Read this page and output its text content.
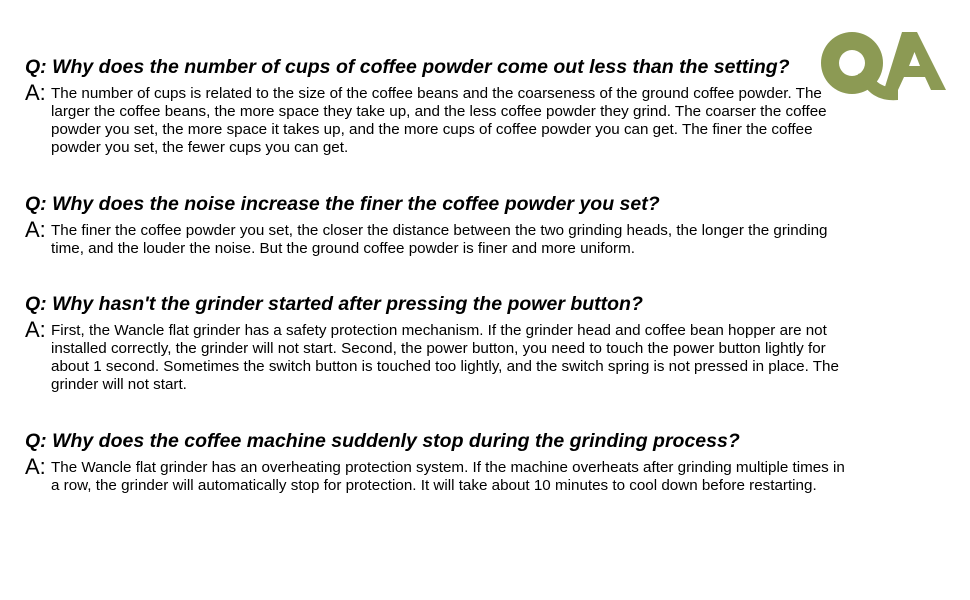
Q: Why does the number of cups of coffee powder come out less than the setting?
A: The number of cups is related to the size of the coffee beans and the coarseness of the ground coffee powder. The larger the coffee beans, the more space they take up, and the less coffee powder they grind. The coarser the coffee powder you set, the more space it takes up, and the more cups of coffee powder you can get. The finer the coffee powder you set, the fewer cups you can get.
Q: Why does the noise increase the finer the coffee powder you set?
A: The finer the coffee powder you set, the closer the distance between the two grinding heads, the longer the grinding time, and the louder the noise. But the ground coffee powder is finer and more uniform.
Q: Why hasn't the grinder started after pressing the power button?
A: First, the Wancle flat grinder has a safety protection mechanism. If the grinder head and coffee bean hopper are not installed correctly, the grinder will not start. Second, the power button, you need to touch the power button lightly for about 1 second. Sometimes the switch button is touched too lightly, and the switch spring is not pressed in place. The grinder will not start.
Q: Why does the coffee machine suddenly stop during the grinding process?
A: The Wancle flat grinder has an overheating protection system. If the machine overheats after grinding multiple times in a row, the grinder will automatically stop for protection. It will take about 10 minutes to cool down before restarting.
